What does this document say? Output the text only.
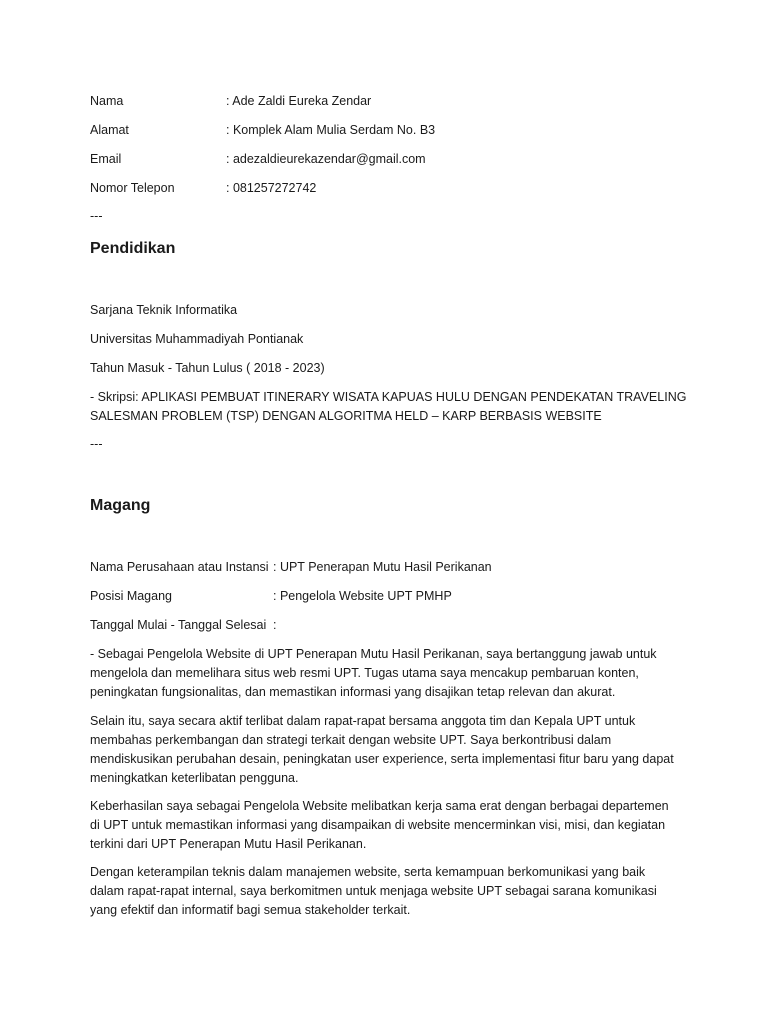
Nama	: Ade Zaldi Eureka Zendar
Alamat	: Komplek Alam Mulia Serdam No. B3
Email	: adezaldieurekazendar@gmail.com
Nomor Telepon	: 081257272742
---
Pendidikan
Sarjana Teknik Informatika
Universitas Muhammadiyah Pontianak
Tahun Masuk - Tahun Lulus ( 2018 - 2023)
- Skripsi: APLIKASI PEMBUAT ITINERARY WISATA KAPUAS HULU DENGAN PENDEKATAN TRAVELING
SALESMAN PROBLEM (TSP) DENGAN ALGORITMA HELD – KARP BERBASIS WEBSITE
---
Magang
Nama Perusahaan atau Instansi : UPT Penerapan Mutu Hasil Perikanan
Posisi Magang	: Pengelola Website UPT PMHP
Tanggal Mulai - Tanggal Selesai :
- Sebagai Pengelola Website di UPT Penerapan Mutu Hasil Perikanan, saya bertanggung jawab untuk mengelola dan memelihara situs web resmi UPT. Tugas utama saya mencakup pembaruan konten, peningkatan fungsionalitas, dan memastikan informasi yang disajikan tetap relevan dan akurat.
Selain itu, saya secara aktif terlibat dalam rapat-rapat bersama anggota tim dan Kepala UPT untuk membahas perkembangan dan strategi terkait dengan website UPT. Saya berkontribusi dalam mendiskusikan perubahan desain, peningkatan user experience, serta implementasi fitur baru yang dapat meningkatkan keterlibatan pengguna.
Keberhasilan saya sebagai Pengelola Website melibatkan kerja sama erat dengan berbagai departemen di UPT untuk memastikan informasi yang disampaikan di website mencerminkan visi, misi, dan kegiatan terkini dari UPT Penerapan Mutu Hasil Perikanan.
Dengan keterampilan teknis dalam manajemen website, serta kemampuan berkomunikasi yang baik dalam rapat-rapat internal, saya berkomitmen untuk menjaga website UPT sebagai sarana komunikasi yang efektif dan informatif bagi semua stakeholder terkait.
